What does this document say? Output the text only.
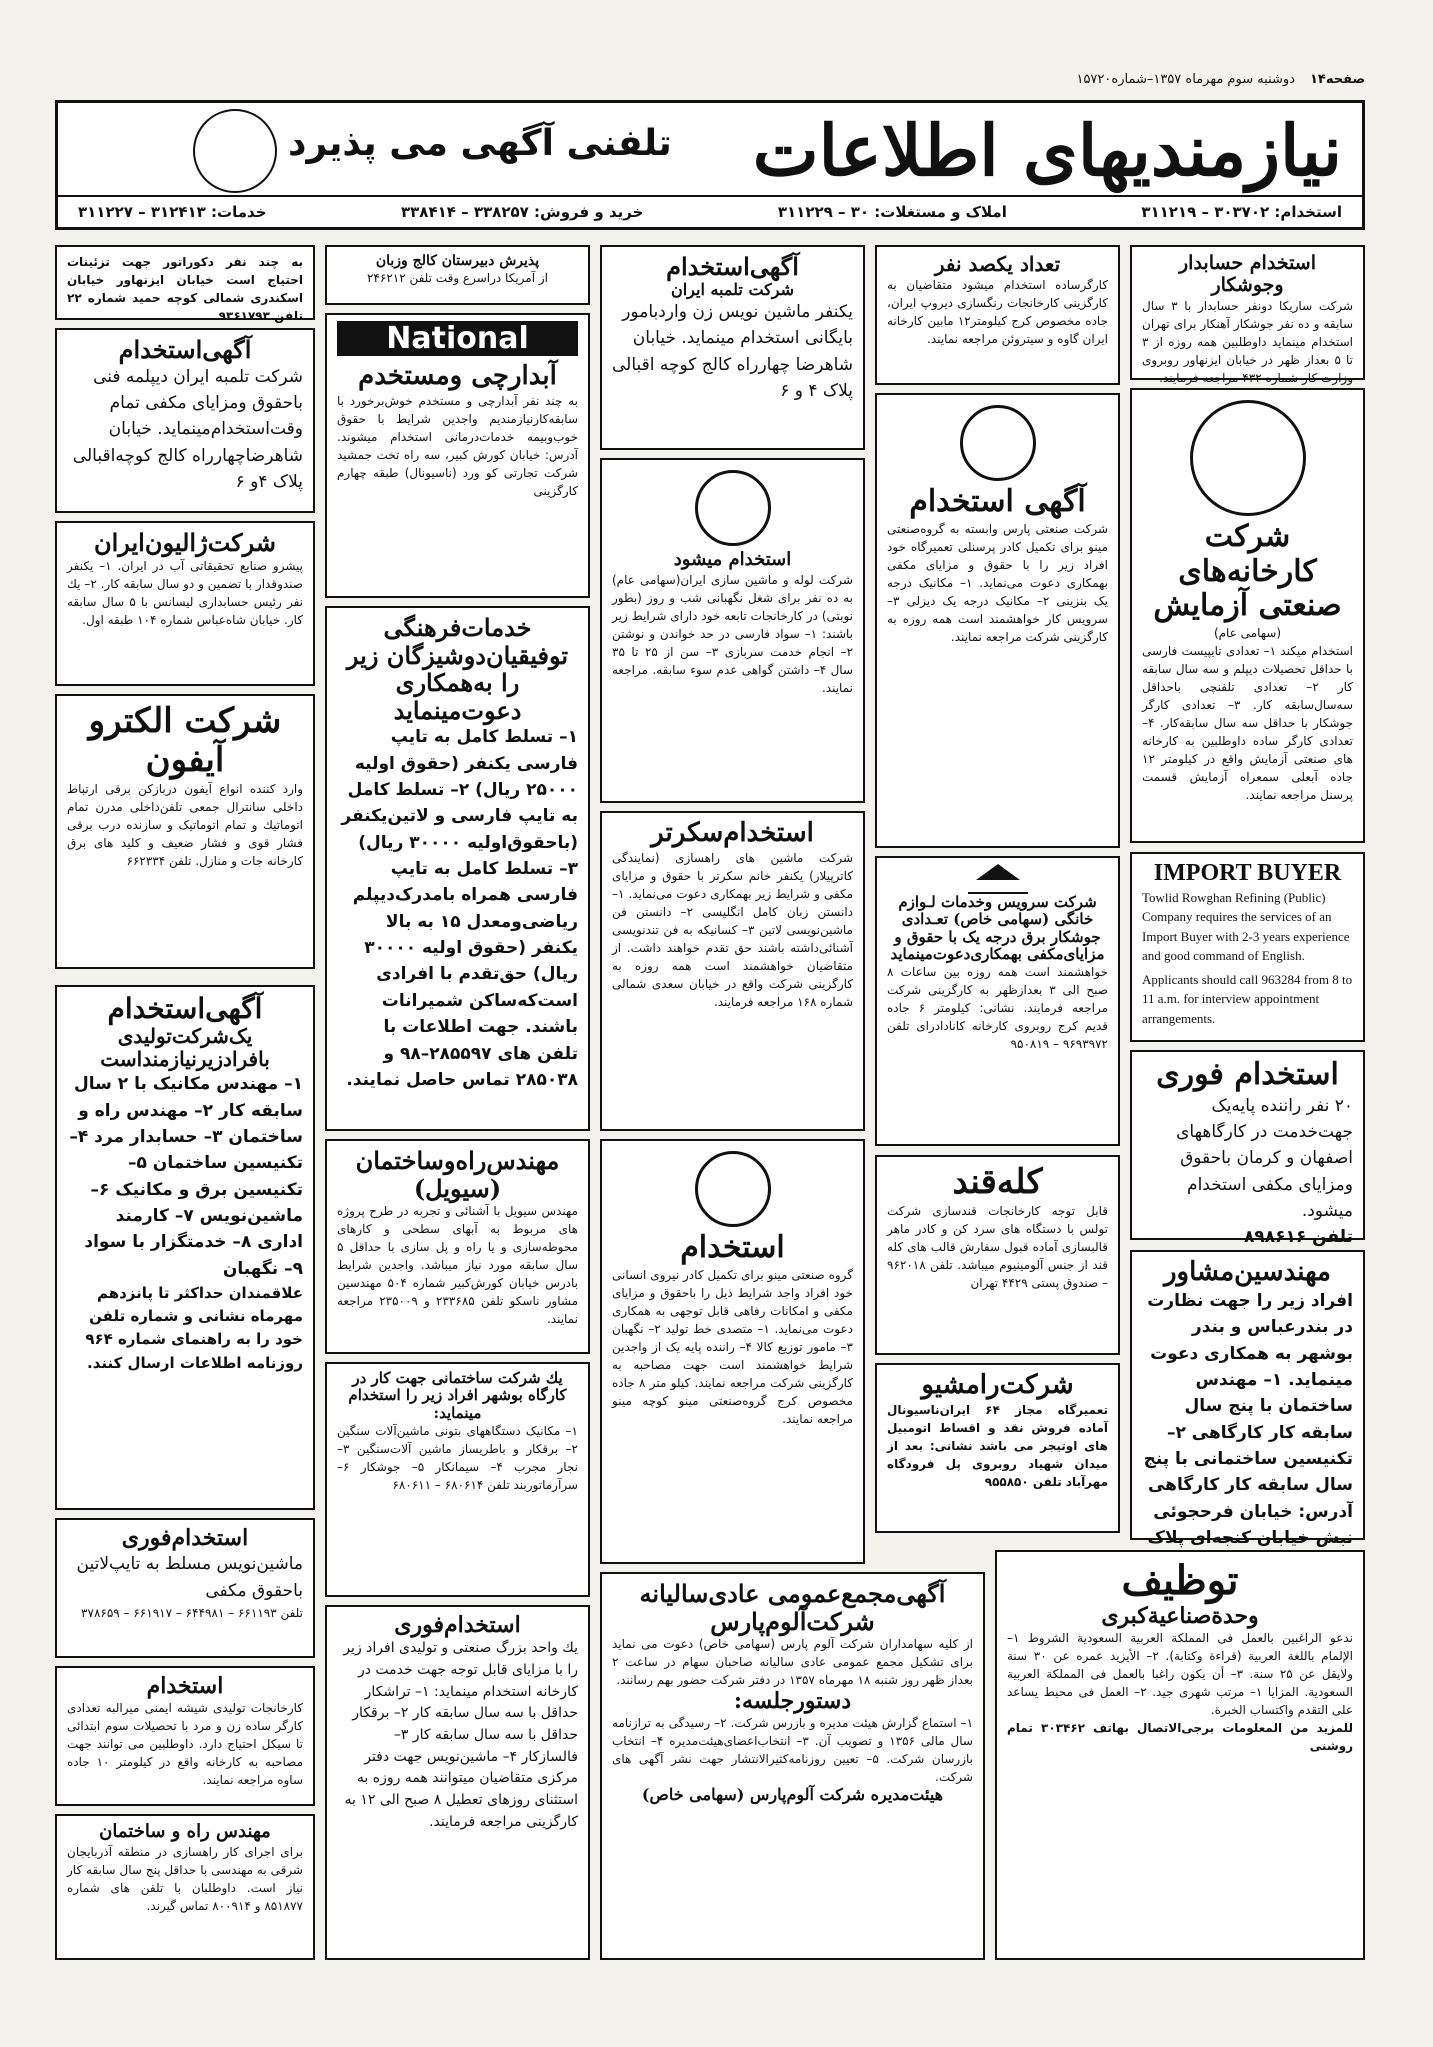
صفحه۱۴
دوشنبه سوم مهرماه ۱۳۵۷–شماره۱۵۷۲۰
نیازمندیهای اطلاعات
تلفنی آگهی می پذیرد
استخدام: ۳۰۳۷۰۲ – ۳۱۱۲۱۹
املاک و مستغلات: ۳۰ – ۳۱۱۲۲۹
خرید و فروش: ۳۳۸۲۵۷ – ۳۳۸۴۱۴
خدمات: ۳۱۲۴۱۳ – ۳۱۱۲۲۷
استخدام حسابدار وجوشکار
شرکت ساریکا دونفر حسابدار با ۳ سال سابقه و ده نفر جوشکار آهنکار برای تهران استخدام مینماید داوطلبین همه روزه از ۳ تا ۵ بعداز ظهر در خیابان ایزنهاور روبروی وزارت کار شماره ۴۳۲ مراجعه فرمایند.
شرکت کارخانه‌های صنعتی آزمایش
(سهامی عام)
استخدام میکند ۱– تعدادی تایپیست فارسی با حداقل تحصیلات دیپلم و سه سال سابقه کار ۲– تعدادی تلفنچی باحداقل سه‌سال‌سابقه کار. ۳– تعدادی کارگر جوشکار با حداقل سه سال سابقه‌کار. ۴– تعدادی کارگر ساده داوطلبین به کارخانه های صنعتی آزمایش واقع در کیلومتر ۱۲ جاده آبعلی سمعراه آزمایش قسمت پرسنل مراجعه نمایند.
IMPORT BUYER
Towlid Rowghan Refining (Public) Company requires the services of an Import Buyer with 2-3 years experience and good command of English.
Applicants should call 963284 from 8 to 11 a.m. for interview appointment arrangements.
استخدام فوری
۲۰ نفر راننده پایه‌یک جهت‌خدمت در کارگاههای اصفهان و کرمان باحقوق ومزایای مکفی استخدام میشود.
تلفن ۸۹۸۶۱۶
مهندسین‌مشاور
افراد زیر را جهت نظارت در بندرعباس و بندر بوشهر به همکاری دعوت مینماید. ۱– مهندس ساختمان با پنج سال سابقه کار کارگاهی ۲– تکنیسین ساختمانی با پنج سال سابقه کار کارگاهی
آدرس: خیابان فرحجوئی نبش خیابان کنجه‌ای پلاک
تعداد یکصد نفر
کارگرساده استخدام میشود متقاضیان به کارگزینی کارخانجات رنگسازی دیروپ ایران، جاده مخصوص کرج کیلومتر۱۲ مابین کارخانه ایران گاوه و سیتروئن مراجعه نمایند.
آگهی استخدام
شرکت صنعتی پارس وابسته به گروه‌صنعتی مینو برای تکمیل کادر پرسنلی تعمیرگاه خود افراد زیر را با حقوق و مزایای مکفی بهمکاری دعوت می‌نماید. ۱– مکانیک درجه یک بنزینی ۲– مکانیک درجه یک دیزلی ۳– سرویس کار خواهشمند است همه روزه به کارگزینی شرکت مراجعه نمایند.
شرکت سرویس وخدمات لـوازم خانگی (سهامی خاص) تعـدادی جوشکار برق درجه یک با حقوق و مزایای‌مکفی بهمکاری‌دعوت‌مینماید
خواهشمند است همه روزه بین ساعات ۸ صبح الی ۳ بعدازظهر به کارگزینی شرکت مراجعه فرمایند. نشانی: کیلومتر ۶ جاده قدیم کرج روبروی کارخانه کانادادرای تلفن ۹۶۹۳۹۷۲ – ۹۵۰۸۱۹
کله‌قند
قابل توجه کارخانجات قندسازی شرکت تولس با دستگاه های سرد کن و کادر ماهر قالبسازی آماده قبول سفارش قالب های کله قند از جنس آلومینیوم میباشد. تلفن ۹۶۲۰۱۸ – صندوق پستی ۴۴۲۹ تهران
شرکت‌رامشیو
تعمیرگاه مجاز ۶۴ ایران‌ناسیونال آماده فروش نقد و اقساط اتومبیل های اوتیجر می باشد نشانی: بعد از میدان شهیاد روبروی پل فرودگاه مهرآباد تلفن ۹۵۵۸۵۰
آگهی‌استخدام
شرکت تلمبه ایران
یکنفر ماشین نویس زن واردبامور بایگانی استخدام مینماید. خیابان شاهرضا چهارراه کالج کوچه اقبالی پلاک ۴ و ۶
استخدام میشود
شرکت لوله و ماشین سازی ایران(سهامی عام) به ده نفر برای شغل نگهبانی شب و روز (بطور نوبتی) در کارخانجات تابعه خود دارای شرایط زیر باشند: ۱– سواد فارسی در حد خواندن و نوشتن ۲– انجام خدمت سربازی ۳– سن از ۲۵ تا ۳۵ سال ۴– داشتن گواهی عدم سوء سابقه. مراجعه نمایند.
استخدام‌سکرتر
شرکت ماشین های راهسازی (نمایندگی کاترپیلار) یکنفر خانم سکرتر با حقوق و مزایای مکفی و شرایط زیر بهمکاری دعوت می‌نماید. ۱– دانستن زبان کامل انگلیسی ۲– دانستن فن ماشین‌نویسی لاتین ۳– کسانیکه به فن تندنویسی آشنائی‌داشته باشند حق تقدم خواهند داشت. از متقاضیان خواهشمند است همه روزه به کارگزینی شرکت واقع در خیابان سعدی شمالی شماره ۱۶۸ مراجعه فرمایند.
استخدام
گروه صنعتی مینو برای تکمیل کادر نیروی انسانی خود افراد واجد شرایط ذیل را باحقوق و مزایای مکفی و امکانات رفاهی قابل توجهی به همکاری دعوت می‌نماید. ۱– متصدی خط تولید ۲– نگهبان ۳– مامور توزیع کالا ۴– راننده پایه یک از واجدین شرایط خواهشمند است جهت مصاحبه به کارگزینی شرکت مراجعه نمایند. کیلو متر ۸ جاده مخصوص کرج گروه‌صنعتی مینو کوچه مینو مراجعه نمایند.
پذیرش دبیرستان کالج وزبان
از آمریکا دراسرع وقت تلفن ۲۴۶۲۱۲
National
آبدارچی ومستخدم
به چند نفر آبدارچی و مستخدم خوش‌برخورد با سابقه‌کارنیازمندیم واجدین شرایط با حقوق خوب‌وبیمه خدمات‌درمانی استخدام میشوند. آدرس: خیابان کورش کبیر، سه راه تخت جمشید شرکت تجارتی کو ورد (ناسیونال) طبقه چهارم کارگزینی
خدمات‌فرهنگی توفیقیان‌دوشیزگان زیر را به‌همکاری دعوت‌مینماید
۱– تسلط کامل به تایپ فارسی یکنفر (حقوق اولیه ۲۵۰۰۰ ریال) ۲– تسلط کامل به تایپ فارسی و لاتین‌یکنفر (باحقوق‌اولیه ۳۰۰۰۰ ریال) ۳– تسلط کامل به تایپ فارسی همراه بامدرک‌دیپلم ریاضی‌ومعدل ۱۵ به بالا یکنفر (حقوق اولیه ۳۰۰۰۰ ریال) حق‌تقدم با افرادی است‌که‌ساکن شمیرانات باشند. جهت اطلاعات با تلفن های ۲۸۵۵۹۷–۹۸ و ۲۸۵۰۳۸ تماس حاصل نمایند.
مهندس‌راه‌وساختمان (سیویل)
مهندس سیویل با آشنائی و تجربه در طرح پروژه های مربوط به آبهای سطحی و کارهای محوطه‌سازی و یا راه و پل سازی با حداقل ۵ سال سابقه مورد نیاز میباشد. واجدین شرایط بادرس خیابان کورش‌کبیر شماره ۵۰۴ مهندسین مشاور ناسکو تلفن ۲۳۳۶۸۵ و ۲۳۵۰۰۹ مراجعه نمایند.
یك شرکت ساختمانی جهت کار در کارگاه بوشهر افراد زیر را استخدام مینماید:
۱– مکانیک دستگاههای بتونی ماشین‌آلات سنگین ۲– برقکار و باطریساز ماشین آلات‌سنگین ۳– نجار مجرب ۴– سیمانکار ۵– جوشکار ۶– سرآرماتوربند تلفن ۶۸۰۶۱۴ – ۶۸۰۶۱۱
استخدام‌فوری
یك واحد بزرگ صنعتی و تولیدی افراد زیر را با مزایای قابل توجه جهت خدمت در کارخانه استخدام مینماید: ۱– تراشکار حداقل با سه سال سابقه کار ۲– برقکار حداقل با سه سال سابقه کار ۳– فالسازکار ۴– ماشین‌نویس جهت دفتر مرکزی متقاضیان میتوانند همه روزه به استثنای روزهای تعطیل ۸ صبح الی ۱۲ به کارگزینی مراجعه فرمایند.
آگهی‌مجمع‌عمومی عادی‌سالیانه شرکت‌آلوم‌پارس
از کلیه سهامداران شرکت آلوم پارس (سهامی خاص) دعوت می نماید برای تشکیل مجمع عمومی عادی سالیانه صاحبان سهام در ساعت ۲ بعداز ظهر روز شنبه ۱۸ مهرماه ۱۳۵۷ در دفتر شرکت حضور بهم رسانند.
دستورجلسه:
۱– استماع گزارش هیئت مدیره و بازرس شرکت. ۲– رسیدگی به ترازنامه سال مالی ۱۳۵۶ و تصویب آن. ۳– انتخاب‌اعضای‌هیئت‌مدیره ۴– انتخاب بازرسان شرکت. ۵– تعیین روزنامه‌کثیرالانتشار جهت نشر آگهی های شرکت.
هیئت‌مدیره شرکت آلوم‌پارس (سهامی خاص)
توظیف
وحدة‌صناعیة‌کبری
ندعو الراغبین بالعمل فی المملكة العربیة السعودیة الشروط ۱– الإلمام باللغة العربیة (قراءة وكتابة). ۲– الأیزید عمره عن ۳۰ سنة ولایقل عن ۲۵ سنة. ۳– أن یكون راغبا بالعمل فی المملكة العربیة السعودیة. المزایا ۱– مرتب شهری جید. ۲– العمل فی محیط یساعد علی التقدم واكتساب الخبرة.
للمزید من المعلومات برجی‌الاتصال بهاتف ۳۰۳۴۶۲ تمام روشنی
به چند نفر دکوراتور جهت تزئینات احتیاج است خیابان ایزنهاور خیابان اسکندری شمالی کوچه حمید شماره ۲۲ تلفن ۹۳۶۱۷۹۳
آگهی‌استخدام
شرکت تلمبه ایران دیپلمه فنی باحقوق ومزایای مکفی تمام وقت‌استخدام‌مینماید. خیابان شاهرضا‌چهارراه کالج کوچه‌اقبالی پلاک ۴و ۶
شرکت‌ژالیون‌ایران
پیشرو صنایع تحقیقاتی آب در ایران. ۱– یکنفر صندوقدار با تضمین و دو سال سابقه کار. ۲– یك نفر رئیس حسابداری لیسانس با ۵ سال سابقه کار. خیابان شاه‌عباس شماره ۱۰۴ طبقه اول.
شرکت الکترو آیفون
وارد کننده انواع آیفون دربازکن برقی ارتباط داخلی سانترال جمعی تلفن‌داخلی مدرن تمام اتوماتیك و تمام اتوماتیک و سازنده درب برقی فشار قوی و فشار ضعیف و کلید های برق کارخانه جات و منازل. تلفن ۶۶۲۳۳۴
آگهی‌استخدام
یک‌شرکت‌تولیدی بافرادزیرنیازمنداست
۱– مهندس مکانیک با ۲ سال سابقه کار ۲– مهندس راه و ساختمان ۳– حسابدار مرد ۴– تکنیسین ساختمان ۵– تکنیسین برق و مکانیک ۶– ماشین‌نویس ۷– کارمند اداری ۸– خدمتگزار با سواد ۹– نگهبان
علاقمندان حداکثر تا پانزدهم مهرماه نشانی و شماره تلفن خود را به راهنمای شماره ۹۶۴ روزنامه اطلاعات ارسال کنند.
استخدام‌فوری
ماشین‌نویس مسلط به تایپ‌لاتین باحقوق مکفی
تلفن ۶۶۱۱۹۳ – ۶۴۴۹۸۱ – ۶۶۱۹۱۷ – ۳۷۸۶۵۹
استخدام
کارخانجات تولیدی شیشه ایمنی میرالبه تعدادی کارگر ساده زن و مرد با تحصیلات سوم ابتدائی تا سیکل احتیاج دارد. داوطلبین می توانند جهت مصاحبه به کارخانه واقع در کیلومتر ۱۰ جاده ساوه مراجعه نمایند.
مهندس راه و ساختمان
برای اجرای کار راهسازی در منطقه آذربایجان شرقی به مهندسی با حداقل پنج سال سابقه کار نیاز است. داوطلبان با تلفن های شماره ۸۵۱۸۷۷ و ۸۰۰۹۱۴ تماس گیرند.
